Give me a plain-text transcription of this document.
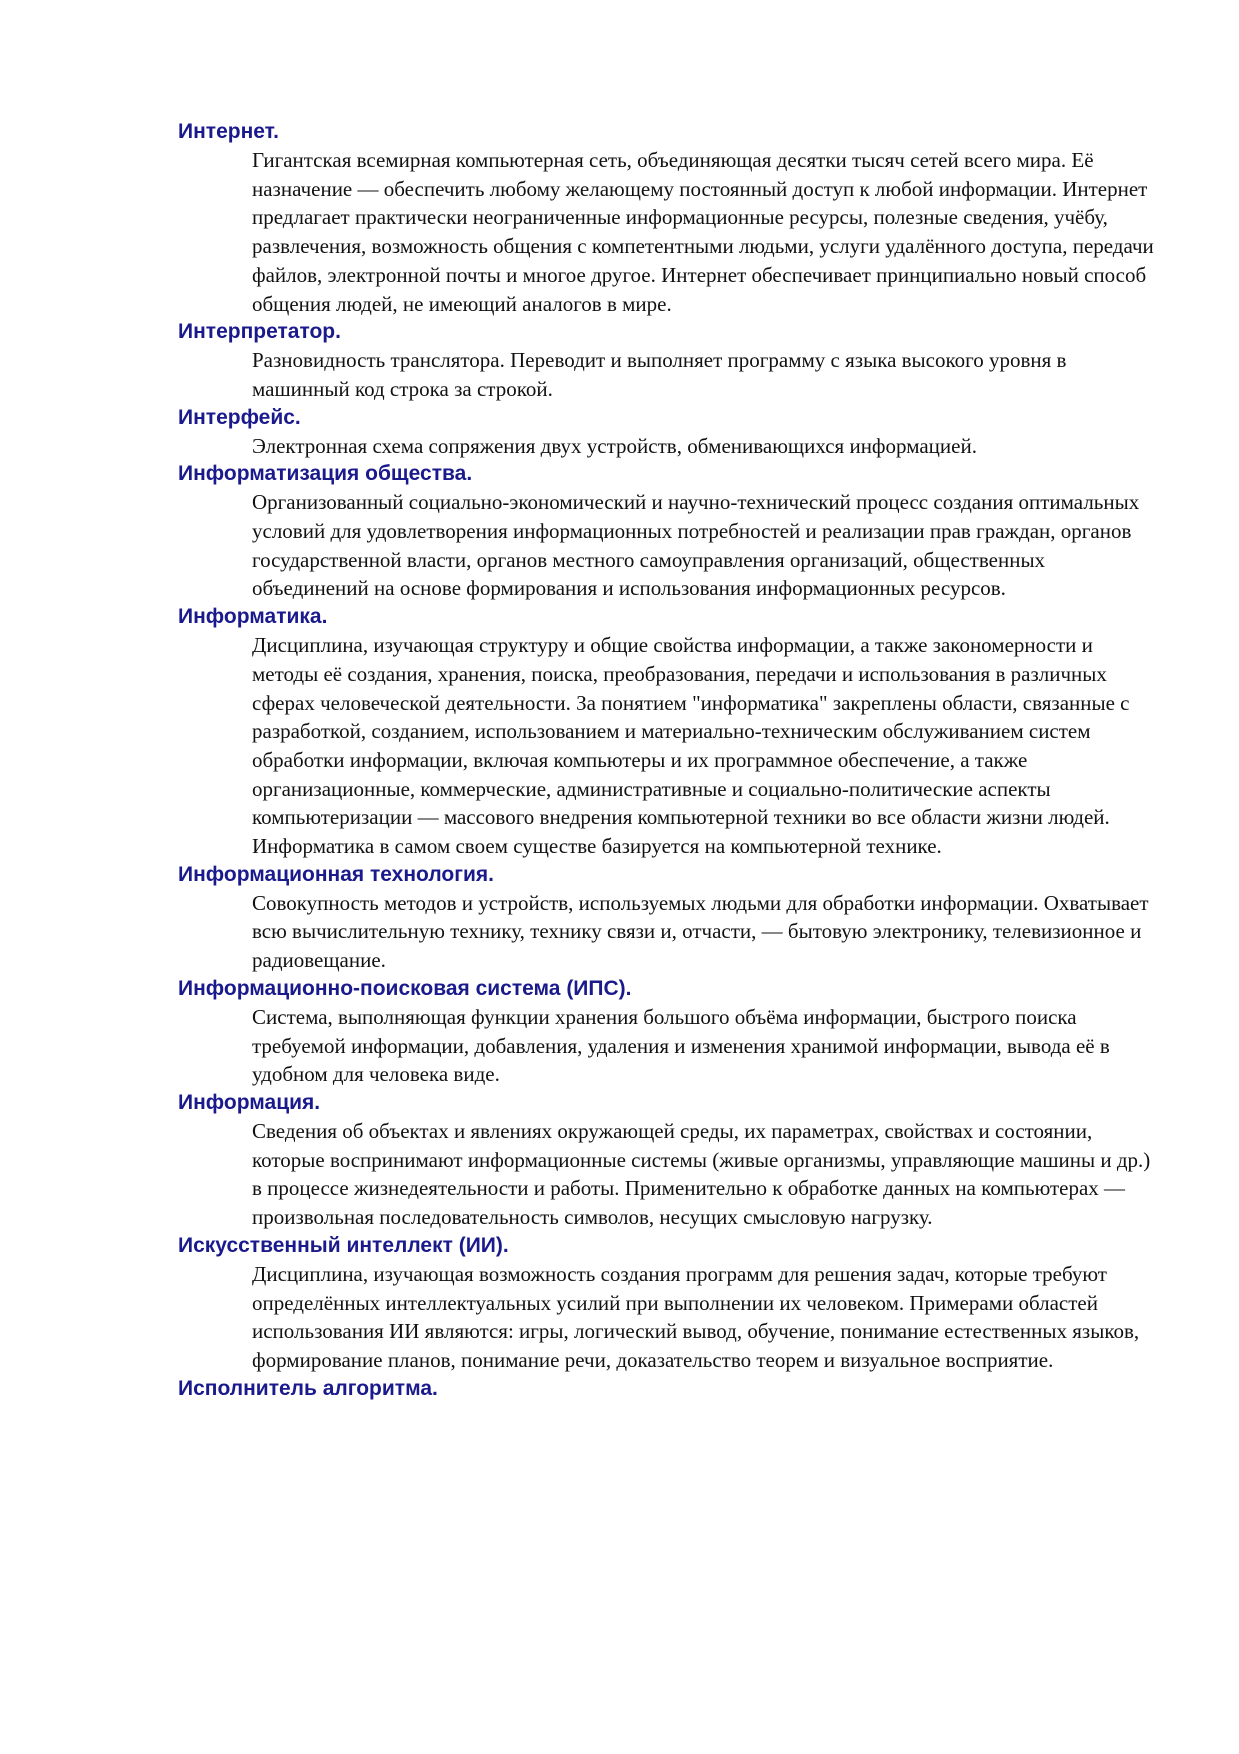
Интернет.

Гигантская всемирная компьютерная сеть, объединяющая десятки тысяч сетей всего мира. Её назначение — обеспечить любому желающему постоянный доступ к любой информации. Интернет предлагает практически неограниченные информационные ресурсы, полезные сведения, учёбу, развлечения, возможность общения с компетентными людьми, услуги удалённого доступа, передачи файлов, электронной почты и многое другое. Интернет обеспечивает принципиально новый способ общения людей, не имеющий аналогов в мире.

Интерпретатор.

Разновидность транслятора. Переводит и выполняет программу с языка высокого уровня в машинный код строка за строкой.

Интерфейс.

Электронная схема сопряжения двух устройств, обменивающихся информацией.

Информатизация общества.

Организованный социально-экономический и научно-технический процесс создания оптимальных условий для удовлетворения информационных потребностей и реализации прав граждан, органов государственной власти, органов местного самоуправления организаций, общественных объединений на основе формирования и использования информационных ресурсов.

Информатика.

Дисциплина, изучающая структуру и общие свойства информации, а также закономерности и методы её создания, хранения, поиска, преобразования, передачи и использования в различных сферах человеческой деятельности. За понятием "информатика" закреплены области, связанные с разработкой, созданием, использованием и материально-техническим обслуживанием систем обработки информации, включая компьютеры и их программное обеспечение, а также организационные, коммерческие, административные и социально-политические аспекты компьютеризации — массового внедрения компьютерной техники во все области жизни людей. Информатика в самом своем существе базируется на компьютерной технике.

Информационная технология.

Совокупность методов и устройств, используемых людьми для обработки информации. Охватывает всю вычислительную технику, технику связи и, отчасти, — бытовую электронику, телевизионное и радиовещание.

Информационно-поисковая система (ИПС).

Система, выполняющая функции хранения большого объёма информации, быстрого поиска требуемой информации, добавления, удаления и изменения хранимой информации, вывода её в удобном для человека виде.

Информация.

Сведения об объектах и явлениях окружающей среды, их параметрах, свойствах и состоянии, которые воспринимают информационные системы (живые организмы, управляющие машины и др.) в процессе жизнедеятельности и работы. Применительно к обработке данных на компьютерах — произвольная последовательность символов, несущих смысловую нагрузку.

Искусственный интеллект (ИИ).

Дисциплина, изучающая возможность создания программ для решения задач, которые требуют определённых интеллектуальных усилий при выполнении их человеком. Примерами областей использования ИИ являются: игры, логический вывод, обучение, понимание естественных языков, формирование планов, понимание речи, доказательство теорем и визуальное восприятие.

Исполнитель алгоритма.
